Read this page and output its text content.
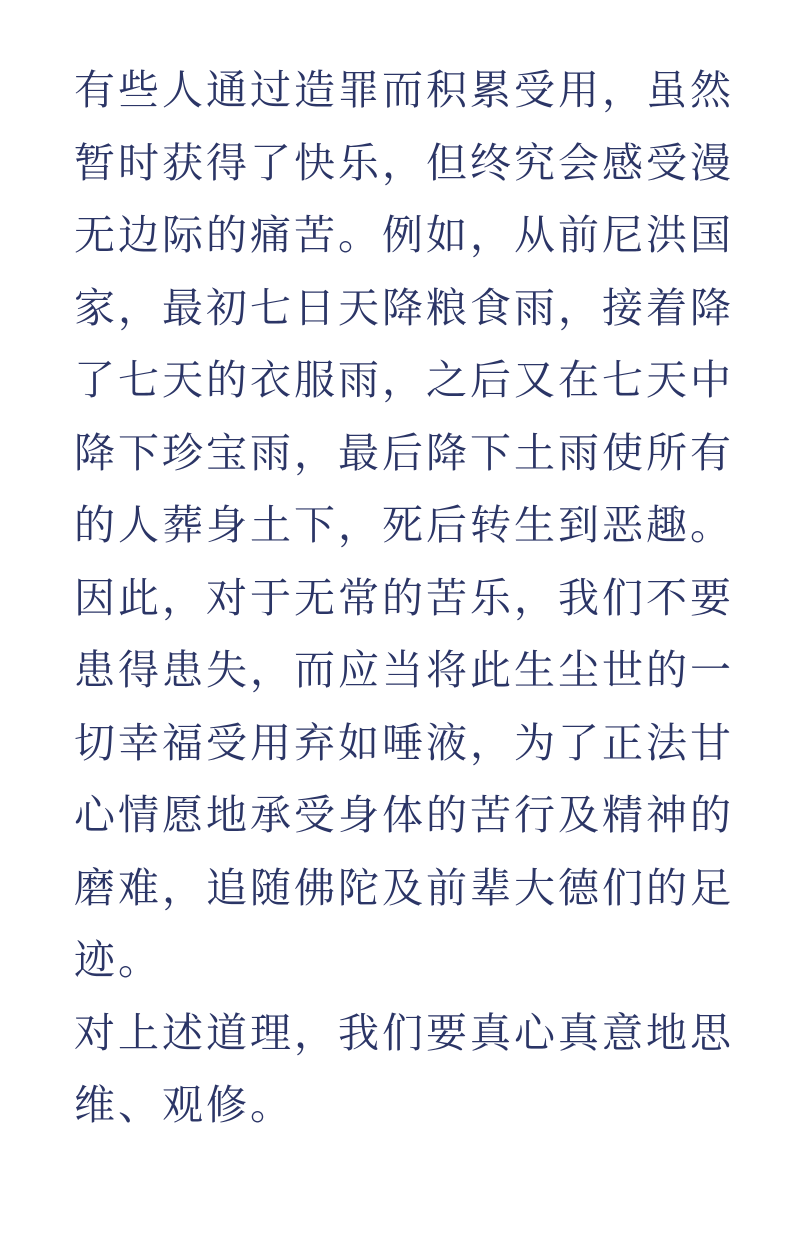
有些人通过造罪而积累受用，虽然暂时获得了快乐，但终究会感受漫无边际的痛苦。例如，从前尼洪国家，最初七日天降粮食雨，接着降了七天的衣服雨，之后又在七天中降下珍宝雨，最后降下土雨使所有的人葬身土下，死后转生到恶趣。因此，对于无常的苦乐，我们不要患得患失，而应当将此生尘世的一切幸福受用弃如唾液，为了正法甘心情愿地承受身体的苦行及精神的磨难，追随佛陀及前辈大德们的足迹。

对上述道理，我们要真心真意地思维、观修。
